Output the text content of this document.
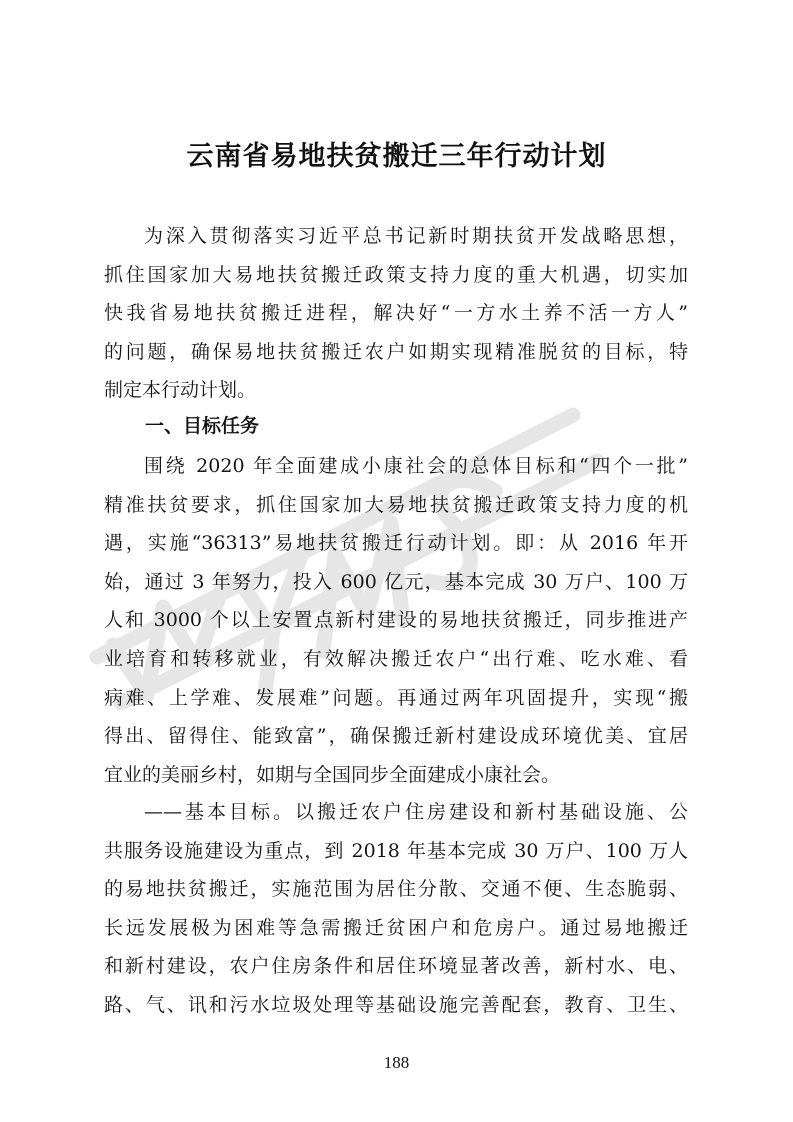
云南省易地扶贫搬迁三年行动计划
为深入贯彻落实习近平总书记新时期扶贫开发战略思想，
抓住国家加大易地扶贫搬迁政策支持力度的重大机遇，切实加
快我省易地扶贫搬迁进程，解决好“一方水土养不活一方人”
的问题，确保易地扶贫搬迁农户如期实现精准脱贫的目标，特
制定本行动计划。
一、目标任务
围绕 2020 年全面建成小康社会的总体目标和“四个一批”
精准扶贫要求，抓住国家加大易地扶贫搬迁政策支持力度的机
遇，实施“36313”易地扶贫搬迁行动计划。即：从 2016 年开
始，通过 3 年努力，投入 600 亿元，基本完成 30 万户、100 万
人和 3000 个以上安置点新村建设的易地扶贫搬迁，同步推进产
业培育和转移就业，有效解决搬迁农户“出行难、吃水难、看
病难、上学难、发展难”问题。再通过两年巩固提升，实现“搬
得出、留得住、能致富”，确保搬迁新村建设成环境优美、宜居
宜业的美丽乡村，如期与全国同步全面建成小康社会。
——基本目标。以搬迁农户住房建设和新村基础设施、公
共服务设施建设为重点，到 2018 年基本完成 30 万户、100 万人
的易地扶贫搬迁，实施范围为居住分散、交通不便、生态脆弱、
长远发展极为困难等急需搬迁贫困户和危房户。通过易地搬迁
和新村建设，农户住房条件和居住环境显著改善，新村水、电、
路、气、讯和污水垃圾处理等基础设施完善配套，教育、卫生、
188
